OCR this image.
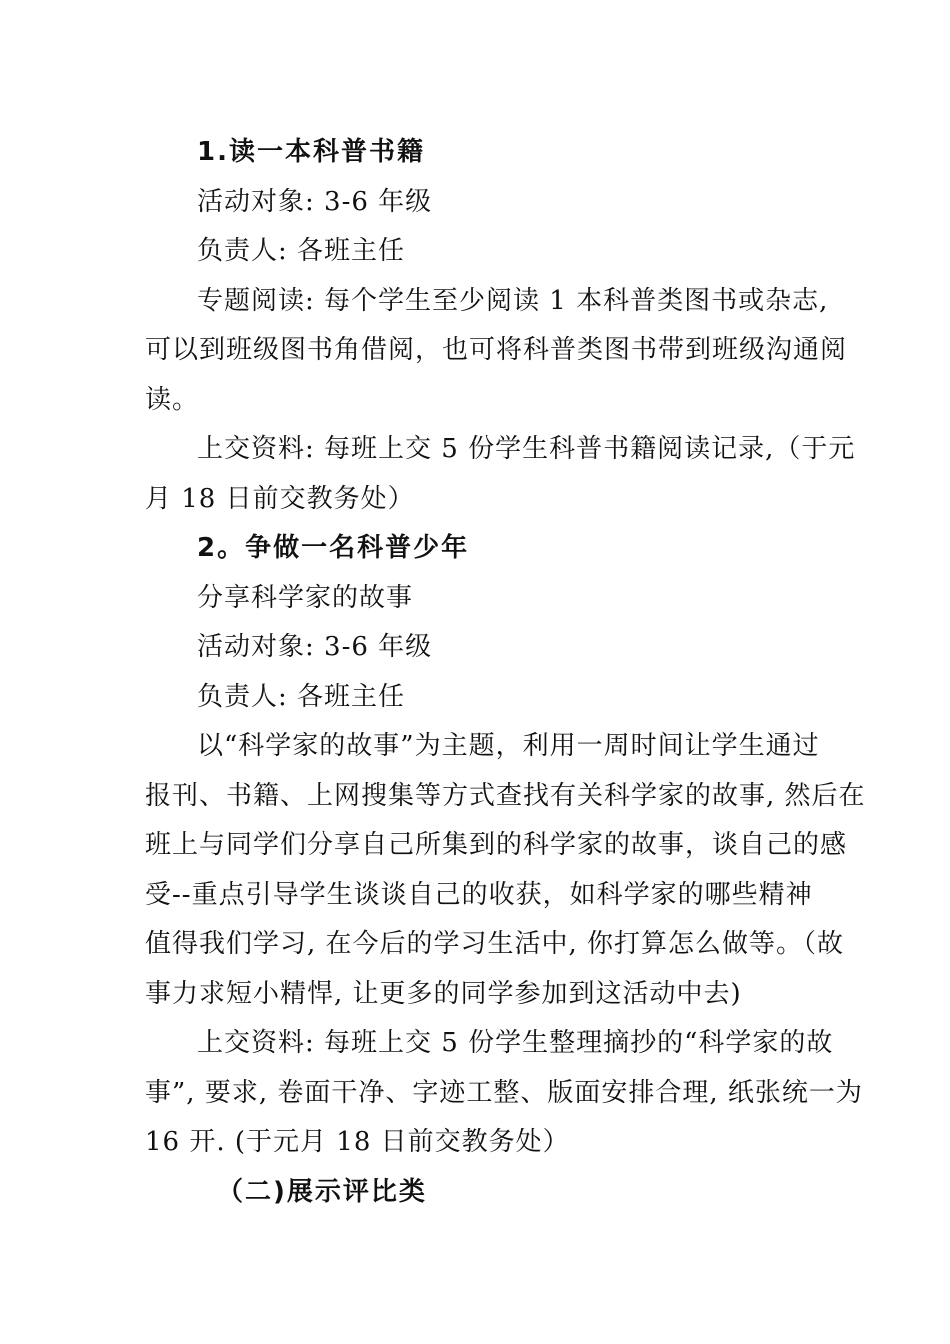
1.读一本科普书籍
活动对象: 3-6 年级
负责人: 各班主任
专题阅读: 每个学生至少阅读 1 本科普类图书或杂志,
可以到班级图书角借阅，也可将科普类图书带到班级沟通阅
读。
上交资料: 每班上交 5 份学生科普书籍阅读记录,（于元
月 18 日前交教务处）
2。争做一名科普少年
分享科学家的故事
活动对象: 3-6 年级
负责人: 各班主任
以“科学家的故事”为主题，利用一周时间让学生通过
报刊、书籍、上网搜集等方式查找有关科学家的故事, 然后在
班上与同学们分享自己所集到的科学家的故事，谈自己的感
受--重点引导学生谈谈自己的收获，如科学家的哪些精神
值得我们学习, 在今后的学习生活中, 你打算怎么做等。（故
事力求短小精悍, 让更多的同学参加到这活动中去)
上交资料: 每班上交 5 份学生整理摘抄的“科学家的故
事”, 要求, 卷面干净、字迹工整、版面安排合理, 纸张统一为
16 开. (于元月 18 日前交教务处）
（二)展示评比类
